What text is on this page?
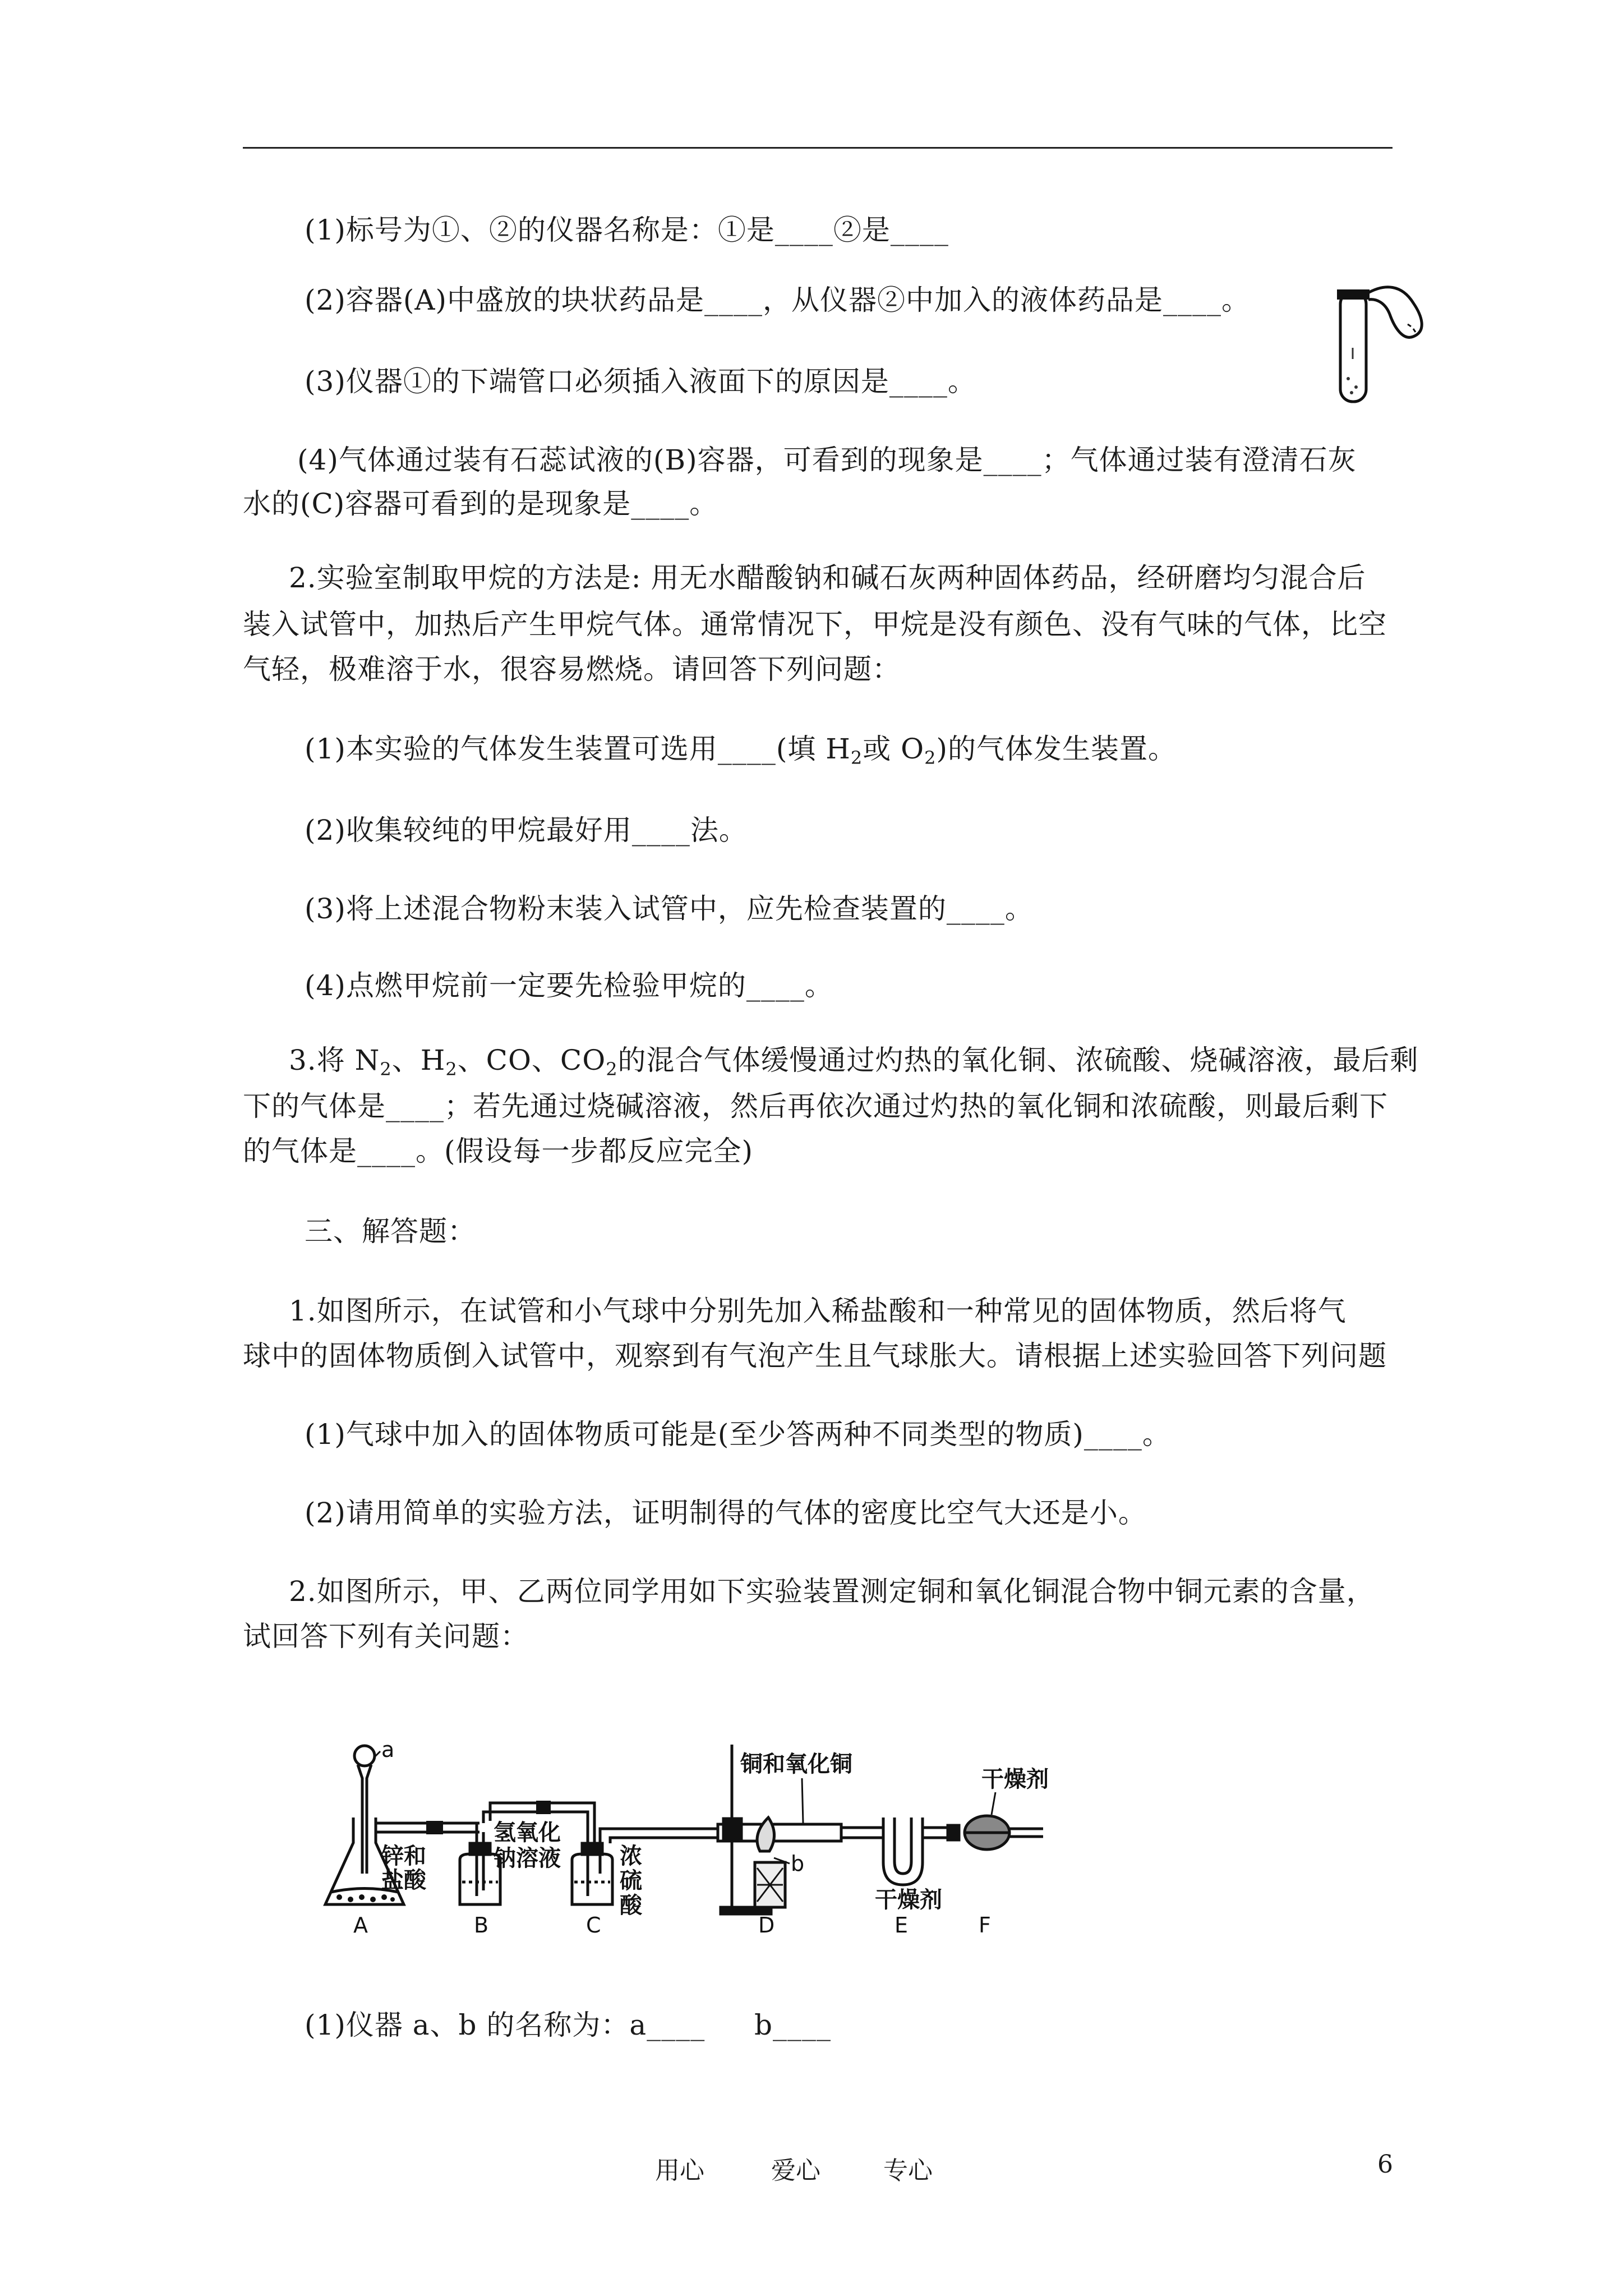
(1)标号为①、②的仪器名称是：①是____②是____
(2)容器(A)中盛放的块状药品是____，从仪器②中加入的液体药品是____。
(3)仪器①的下端管口必须插入液面下的原因是____。
(4)气体通过装有石蕊试液的(B)容器，可看到的现象是____；气体通过装有澄清石灰
水的(C)容器可看到的是现象是____。
2.实验室制取甲烷的方法是: 用无水醋酸钠和碱石灰两种固体药品，经研磨均匀混合后
装入试管中，加热后产生甲烷气体。通常情况下，甲烷是没有颜色、没有气味的气体，比空
气轻，极难溶于水，很容易燃烧。请回答下列问题：
(1)本实验的气体发生装置可选用____(填 $H_2$或 $O_2$)的气体发生装置。
(2)收集较纯的甲烷最好用____法。
(3)将上述混合物粉末装入试管中，应先检查装置的____。
(4)点燃甲烷前一定要先检验甲烷的____。
3.将 $N_2$、$H_2$、CO、$CO_2$的混合气体缓慢通过灼热的氧化铜、浓硫酸、烧碱溶液，最后剩
下的气体是____；若先通过烧碱溶液，然后再依次通过灼热的氧化铜和浓硫酸，则最后剩下
的气体是____。(假设每一步都反应完全)
三、解答题：
1.如图所示，在试管和小气球中分别先加入稀盐酸和一种常见的固体物质，然后将气
球中的固体物质倒入试管中，观察到有气泡产生且气球胀大。请根据上述实验回答下列问题
(1)气球中加入的固体物质可能是(至少答两种不同类型的物质)____。
(2)请用简单的实验方法，证明制得的气体的密度比空气大还是小。
2.如图所示，甲、乙两位同学用如下实验装置测定铜和氧化铜混合物中铜元素的含量，
试回答下列有关问题：
a
锌和
盐酸
A
氢氧化
钠溶液
B
浓
硫
酸
C
铜和氧化铜
b
D
干燥剂
E
干燥剂
F
(1)仪器 a、b 的名称为：a____ b____
用心	爱心	专心	6
